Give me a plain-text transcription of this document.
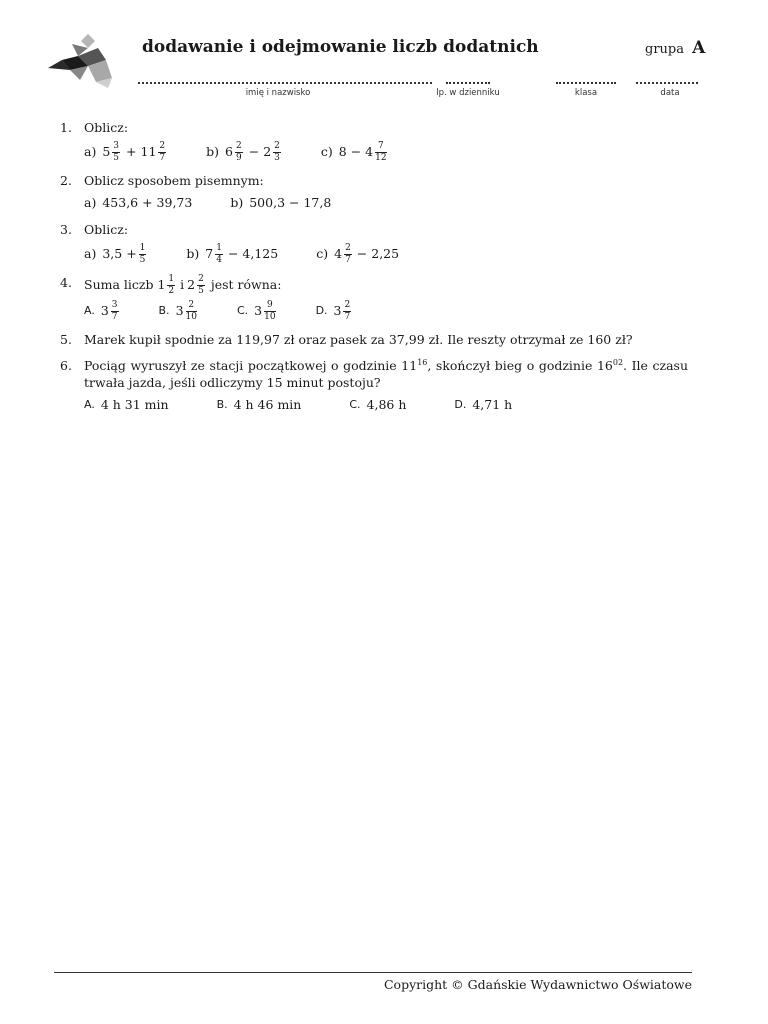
dodawanie i odejmowanie liczb dodatnich	grupa A
imię i nazwisko	lp. w dzienniku	klasa	data
1. Oblicz:
a) $5 \frac{3}{5} + 11 \frac{2}{7}$	b) $6 \frac{2}{9} - 2 \frac{2}{3}$	c) $8 - 4 \frac{7}{12}$
2. Oblicz sposobem pisemnym:
a) 453,6 + 39,73	b) 500,3 − 17,8
3. Oblicz:
a) $3,5 + \frac{1}{5}$	b) $7 \frac{1}{4} - 4,125$	c) $4 \frac{2}{7} - 2,25$
4. Suma liczb
$1 \frac{1}{2}$ i $2 \frac{2}{5}$
jest równa:
A. $3 \frac{3}{7}$	B. $3 \frac{2}{10}$	C. $3 \frac{9}{10}$	D. $3 \frac{2}{7}$
5. Marek kupił spodnie za 119,97 zł oraz pasek za 37,99 zł. Ile reszty otrzymał ze 160 zł?
6. Pociąg wyruszył ze stacji początkowej o godzinie $11^{16}$, skończył bieg o godzinie $16^{02}$. Ile czasu trwała jazda, jeśli odliczymy 15 minut postoju?
A. 4 h 31 min	B. 4 h 46 min	C. 4,86 h	D. 4,71 h
Copyright © Gdańskie Wydawnictwo Oświatowe
